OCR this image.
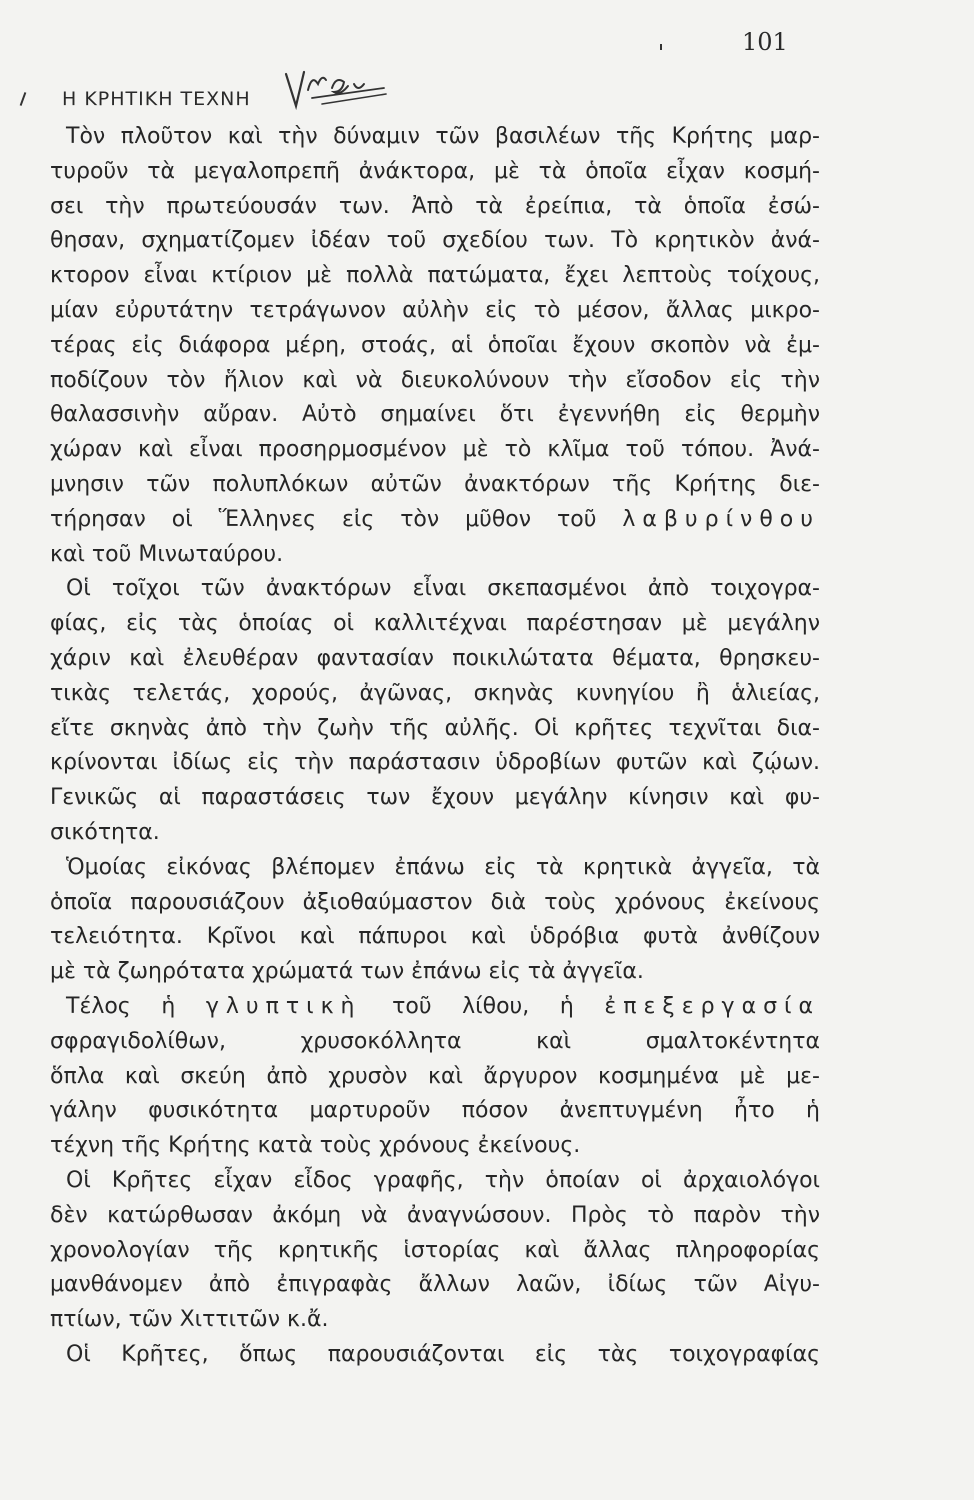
101
Η ΚΡΗΤΙΚΗ ΤΕΧΝΗ
Τὸν πλοῦτον καὶ τὴν δύναμιν τῶν βασιλέων τῆς Κρήτης μαρ-
τυροῦν τὰ μεγαλοπρεπῆ ἀνάκτορα, μὲ τὰ ὁποῖα εἶχαν κοσμή-
σει τὴν πρωτεύουσάν των. Ἀπὸ τὰ ἐρείπια, τὰ ὁποῖα ἐσώ-
θησαν, σχηματίζομεν ἰδέαν τοῦ σχεδίου των. Τὸ κρητικὸν ἀνά-
κτορον εἶναι κτίριον μὲ πολλὰ πατώματα, ἔχει λεπτοὺς τοίχους,
μίαν εὐρυτάτην τετράγωνον αὐλὴν εἰς τὸ μέσον, ἄλλας μικρο-
τέρας εἰς διάφορα μέρη, στοάς, αἱ ὁποῖαι ἔχουν σκοπὸν νὰ ἐμ-
ποδίζουν τὸν ἥλιον καὶ νὰ διευκολύνουν τὴν εἴσοδον εἰς τὴν
θαλασσινὴν αὔραν. Αὐτὸ σημαίνει ὅτι ἐγεννήθη εἰς θερμὴν
χώραν καὶ εἶναι προσηρμοσμένον μὲ τὸ κλῖμα τοῦ τόπου. Ἀνά-
μνησιν τῶν πολυπλόκων αὐτῶν ἀνακτόρων τῆς Κρήτης διε-
τήρησαν οἱ Ἕλληνες εἰς τὸν μῦθον τοῦ λαβυρίνθου
καὶ τοῦ Μινωταύρου.
Οἱ τοῖχοι τῶν ἀνακτόρων εἶναι σκεπασμένοι ἀπὸ τοιχογρα-
φίας, εἰς τὰς ὁποίας οἱ καλλιτέχναι παρέστησαν μὲ μεγάλην
χάριν καὶ ἐλευθέραν φαντασίαν ποικιλώτατα θέματα, θρησκευ-
τικὰς τελετάς, χορούς, ἀγῶνας, σκηνὰς κυνηγίου ἢ ἁλιείας,
εἴτε σκηνὰς ἀπὸ τὴν ζωὴν τῆς αὐλῆς. Οἱ κρῆτες τεχνῖται δια-
κρίνονται ἰδίως εἰς τὴν παράστασιν ὑδροβίων φυτῶν καὶ ζῴων.
Γενικῶς αἱ παραστάσεις των ἔχουν μεγάλην κίνησιν καὶ φυ-
σικότητα.
Ὁμοίας εἰκόνας βλέπομεν ἐπάνω εἰς τὰ κρητικὰ ἀγγεῖα, τὰ
ὁποῖα παρουσιάζουν ἀξιοθαύμαστον διὰ τοὺς χρόνους ἐκείνους
τελειότητα. Κρῖνοι καὶ πάπυροι καὶ ὑδρόβια φυτὰ ἀνθίζουν
μὲ τὰ ζωηρότατα χρώματά των ἐπάνω εἰς τὰ ἀγγεῖα.
Τέλος ἡ γλυπτικὴ τοῦ λίθου, ἡ ἐπεξεργασία
σφραγιδολίθων, χρυσοκόλλητα καὶ σμαλτοκέντητα
ὅπλα καὶ σκεύη ἀπὸ χρυσὸν καὶ ἄργυρον κοσμημένα μὲ με-
γάλην φυσικότητα μαρτυροῦν πόσον ἀνεπτυγμένη ἦτο ἡ
τέχνη τῆς Κρήτης κατὰ τοὺς χρόνους ἐκείνους.
Οἱ Κρῆτες εἶχαν εἶδος γραφῆς, τὴν ὁποίαν οἱ ἀρχαιολόγοι
δὲν κατώρθωσαν ἀκόμη νὰ ἀναγνώσουν. Πρὸς τὸ παρὸν τὴν
χρονολογίαν τῆς κρητικῆς ἱστορίας καὶ ἄλλας πληροφορίας
μανθάνομεν ἀπὸ ἐπιγραφὰς ἄλλων λαῶν, ἰδίως τῶν Αἰγυ-
πτίων, τῶν Χιττιτῶν κ.ἄ.
Οἱ Κρῆτες, ὅπως παρουσιάζονται εἰς τὰς τοιχογραφίας
